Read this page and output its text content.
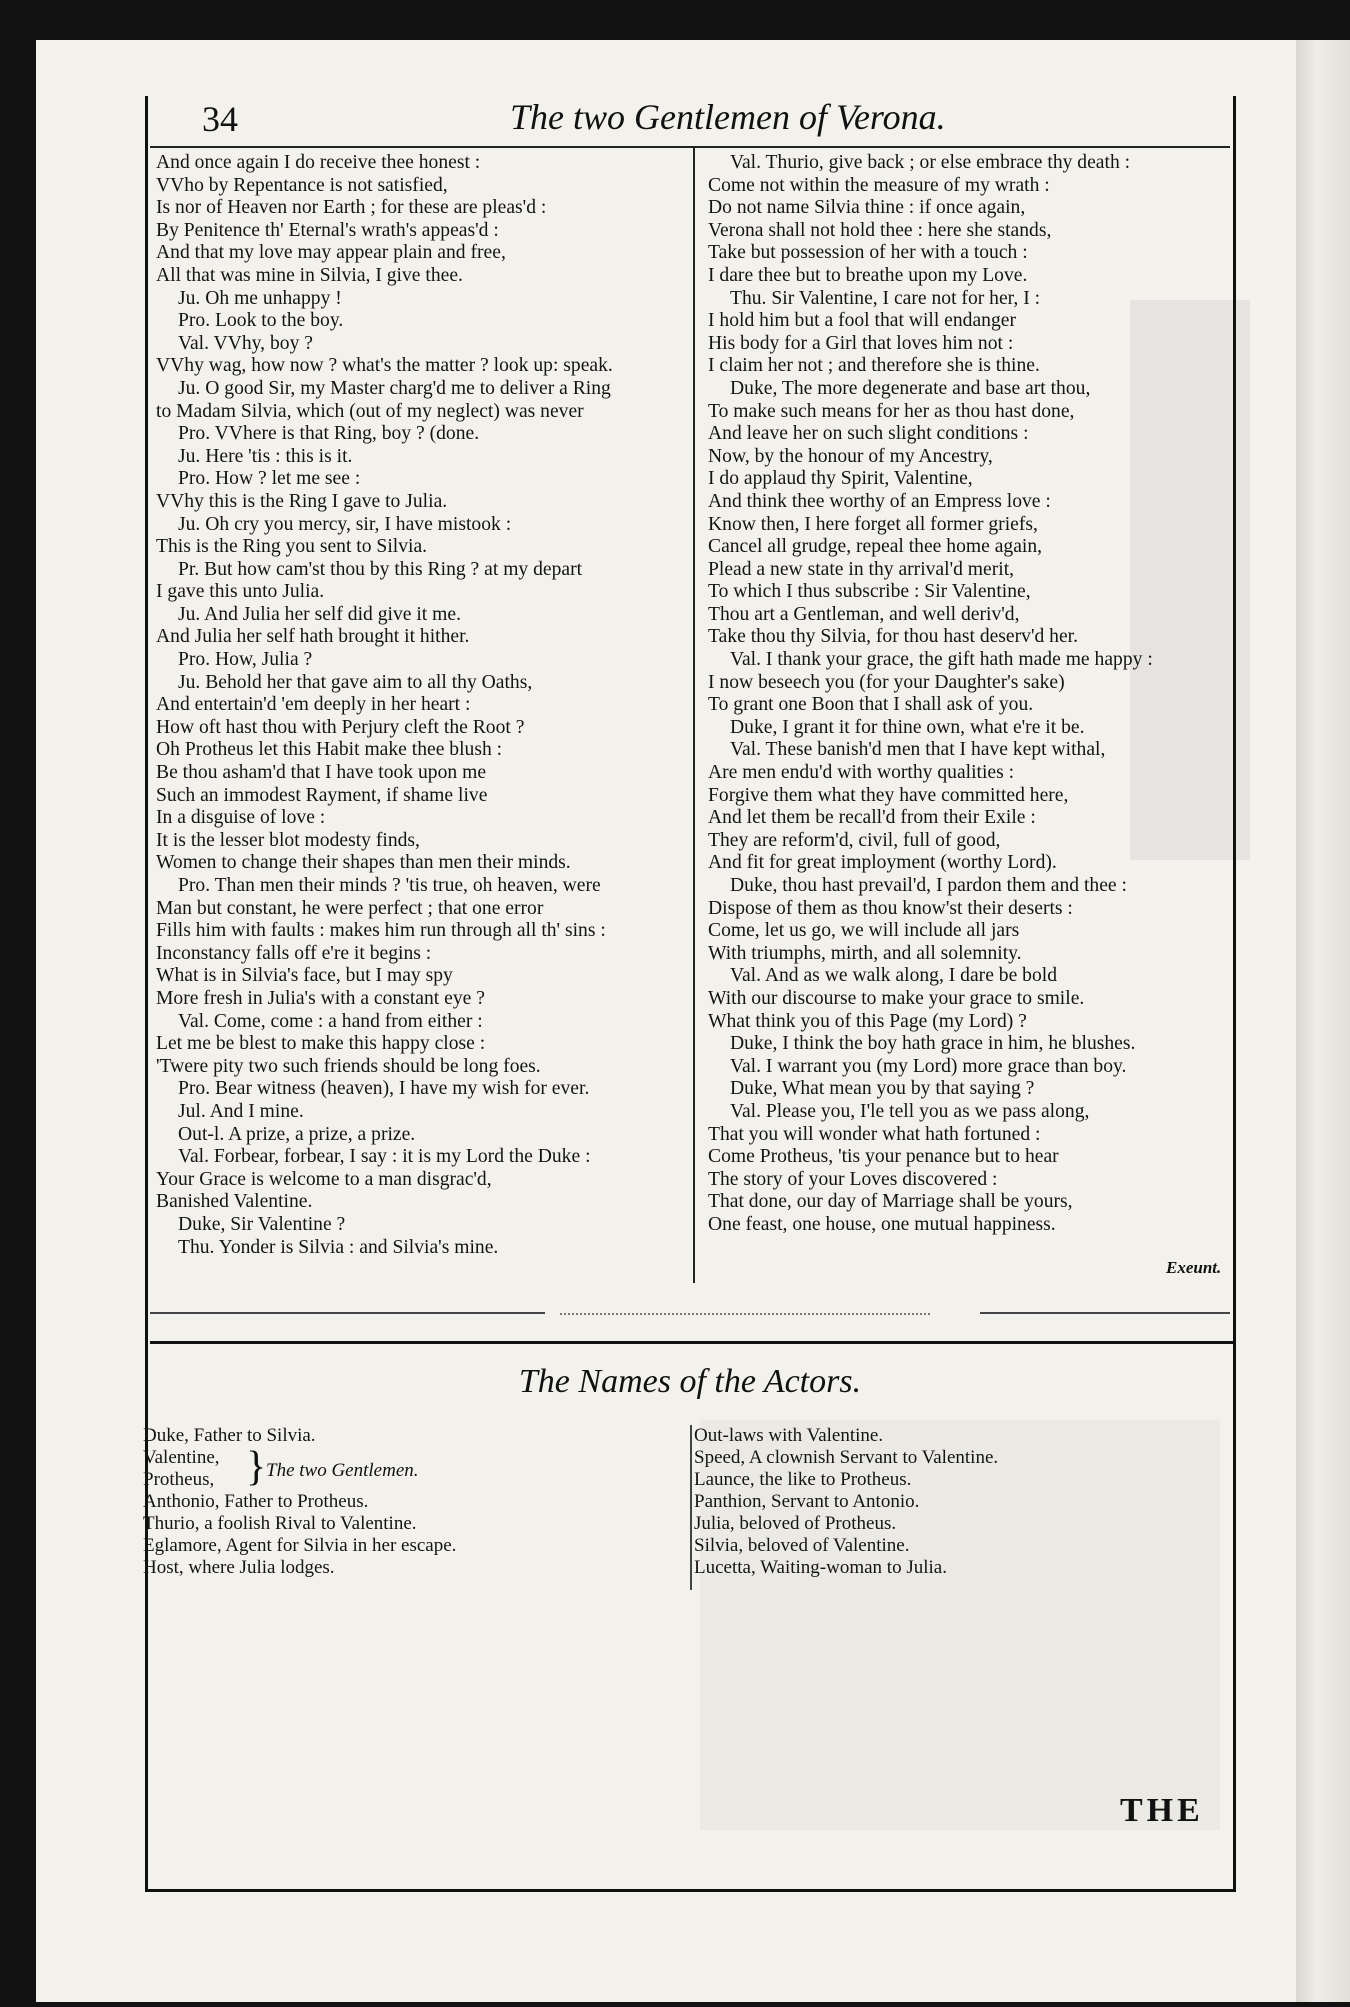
34	The two Gentlemen of Verona.
And once again I do receive thee honest :
VVho by Repentance is not satisfied,
Is nor of Heaven nor Earth ; for these are pleas'd :
By Penitence th' Eternal's wrath's appeas'd :
And that my love may appear plain and free,
All that was mine in Silvia, I give thee.
Ju. Oh me unhappy !
Pro. Look to the boy.
Val. VVhy, boy ?
VVhy wag, how now ? what's the matter ? look up: speak.
Ju. O good Sir, my Master charg'd me to deliver a Ring
to Madam Silvia, which (out of my neglect) was never
Pro. VVhere is that Ring, boy ? (done.
Ju. Here 'tis : this is it.
Pro. How ? let me see :
VVhy this is the Ring I gave to Julia.
Ju. Oh cry you mercy, sir, I have mistook :
This is the Ring you sent to Silvia.
Pr. But how cam'st thou by this Ring ? at my depart
I gave this unto Julia.
Ju. And Julia her self did give it me.
And Julia her self hath brought it hither.
Pro. How, Julia ?
Ju. Behold her that gave aim to all thy Oaths,
And entertain'd 'em deeply in her heart :
How oft hast thou with Perjury cleft the Root ?
Oh Protheus let this Habit make thee blush :
Be thou asham'd that I have took upon me
Such an immodest Rayment, if shame live
In a disguise of love :
It is the lesser blot modesty finds,
Women to change their shapes than men their minds.
Pro. Than men their minds ? 'tis true, oh heaven, were
Man but constant, he were perfect ; that one error
Fills him with faults : makes him run through all th' sins :
Inconstancy falls off e're it begins :
What is in Silvia's face, but I may spy
More fresh in Julia's with a constant eye ?
Val. Come, come : a hand from either :
Let me be blest to make this happy close :
'Twere pity two such friends should be long foes.
Pro. Bear witness (heaven), I have my wish for ever.
Jul. And I mine.
Out-l. A prize, a prize, a prize.
Val. Forbear, forbear, I say : it is my Lord the Duke :
Your Grace is welcome to a man disgrac'd,
Banished Valentine.
Duke, Sir Valentine ?
Thu. Yonder is Silvia : and Silvia's mine.
Val. Thurio, give back ; or else embrace thy death :
Come not within the measure of my wrath :
Do not name Silvia thine : if once again,
Verona shall not hold thee : here she stands,
Take but possession of her with a touch :
I dare thee but to breathe upon my Love.
Thu. Sir Valentine, I care not for her, I :
I hold him but a fool that will endanger
His body for a Girl that loves him not :
I claim her not ; and therefore she is thine.
Duke, The more degenerate and base art thou,
To make such means for her as thou hast done,
And leave her on such slight conditions :
Now, by the honour of my Ancestry,
I do applaud thy Spirit, Valentine,
And think thee worthy of an Empress love :
Know then, I here forget all former griefs,
Cancel all grudge, repeal thee home again,
Plead a new state in thy arrival'd merit,
To which I thus subscribe : Sir Valentine,
Thou art a Gentleman, and well deriv'd,
Take thou thy Silvia, for thou hast deserv'd her.
Val. I thank your grace, the gift hath made me happy :
I now beseech you (for your Daughter's sake)
To grant one Boon that I shall ask of you.
Duke, I grant it for thine own, what e're it be.
Val. These banish'd men that I have kept withal,
Are men endu'd with worthy qualities :
Forgive them what they have committed here,
And let them be recall'd from their Exile :
They are reform'd, civil, full of good,
And fit for great imployment (worthy Lord).
Duke, thou hast prevail'd, I pardon them and thee :
Dispose of them as thou know'st their deserts :
Come, let us go, we will include all jars
With triumphs, mirth, and all solemnity.
Val. And as we walk along, I dare be bold
With our discourse to make your grace to smile.
What think you of this Page (my Lord) ?
Duke, I think the boy hath grace in him, he blushes.
Val. I warrant you (my Lord) more grace than boy.
Duke, What mean you by that saying ?
Val. Please you, I'le tell you as we pass along,
That you will wonder what hath fortuned :
Come Protheus, 'tis your penance but to hear
The story of your Loves discovered :
That done, our day of Marriage shall be yours,
One feast, one house, one mutual happiness.
Exeunt.
The Names of the Actors.
Duke, Father to Silvia.
Valentine,
Protheus,
Anthonio, Father to Protheus.
Thurio, a foolish Rival to Valentine.
Eglamore, Agent for Silvia in her escape.
Host, where Julia lodges.
} The two Gentlemen.
Out-laws with Valentine.
Speed, A clownish Servant to Valentine.
Launce, the like to Protheus.
Panthion, Servant to Antonio.
Julia, beloved of Protheus.
Silvia, beloved of Valentine.
Lucetta, Waiting-woman to Julia.
THE
